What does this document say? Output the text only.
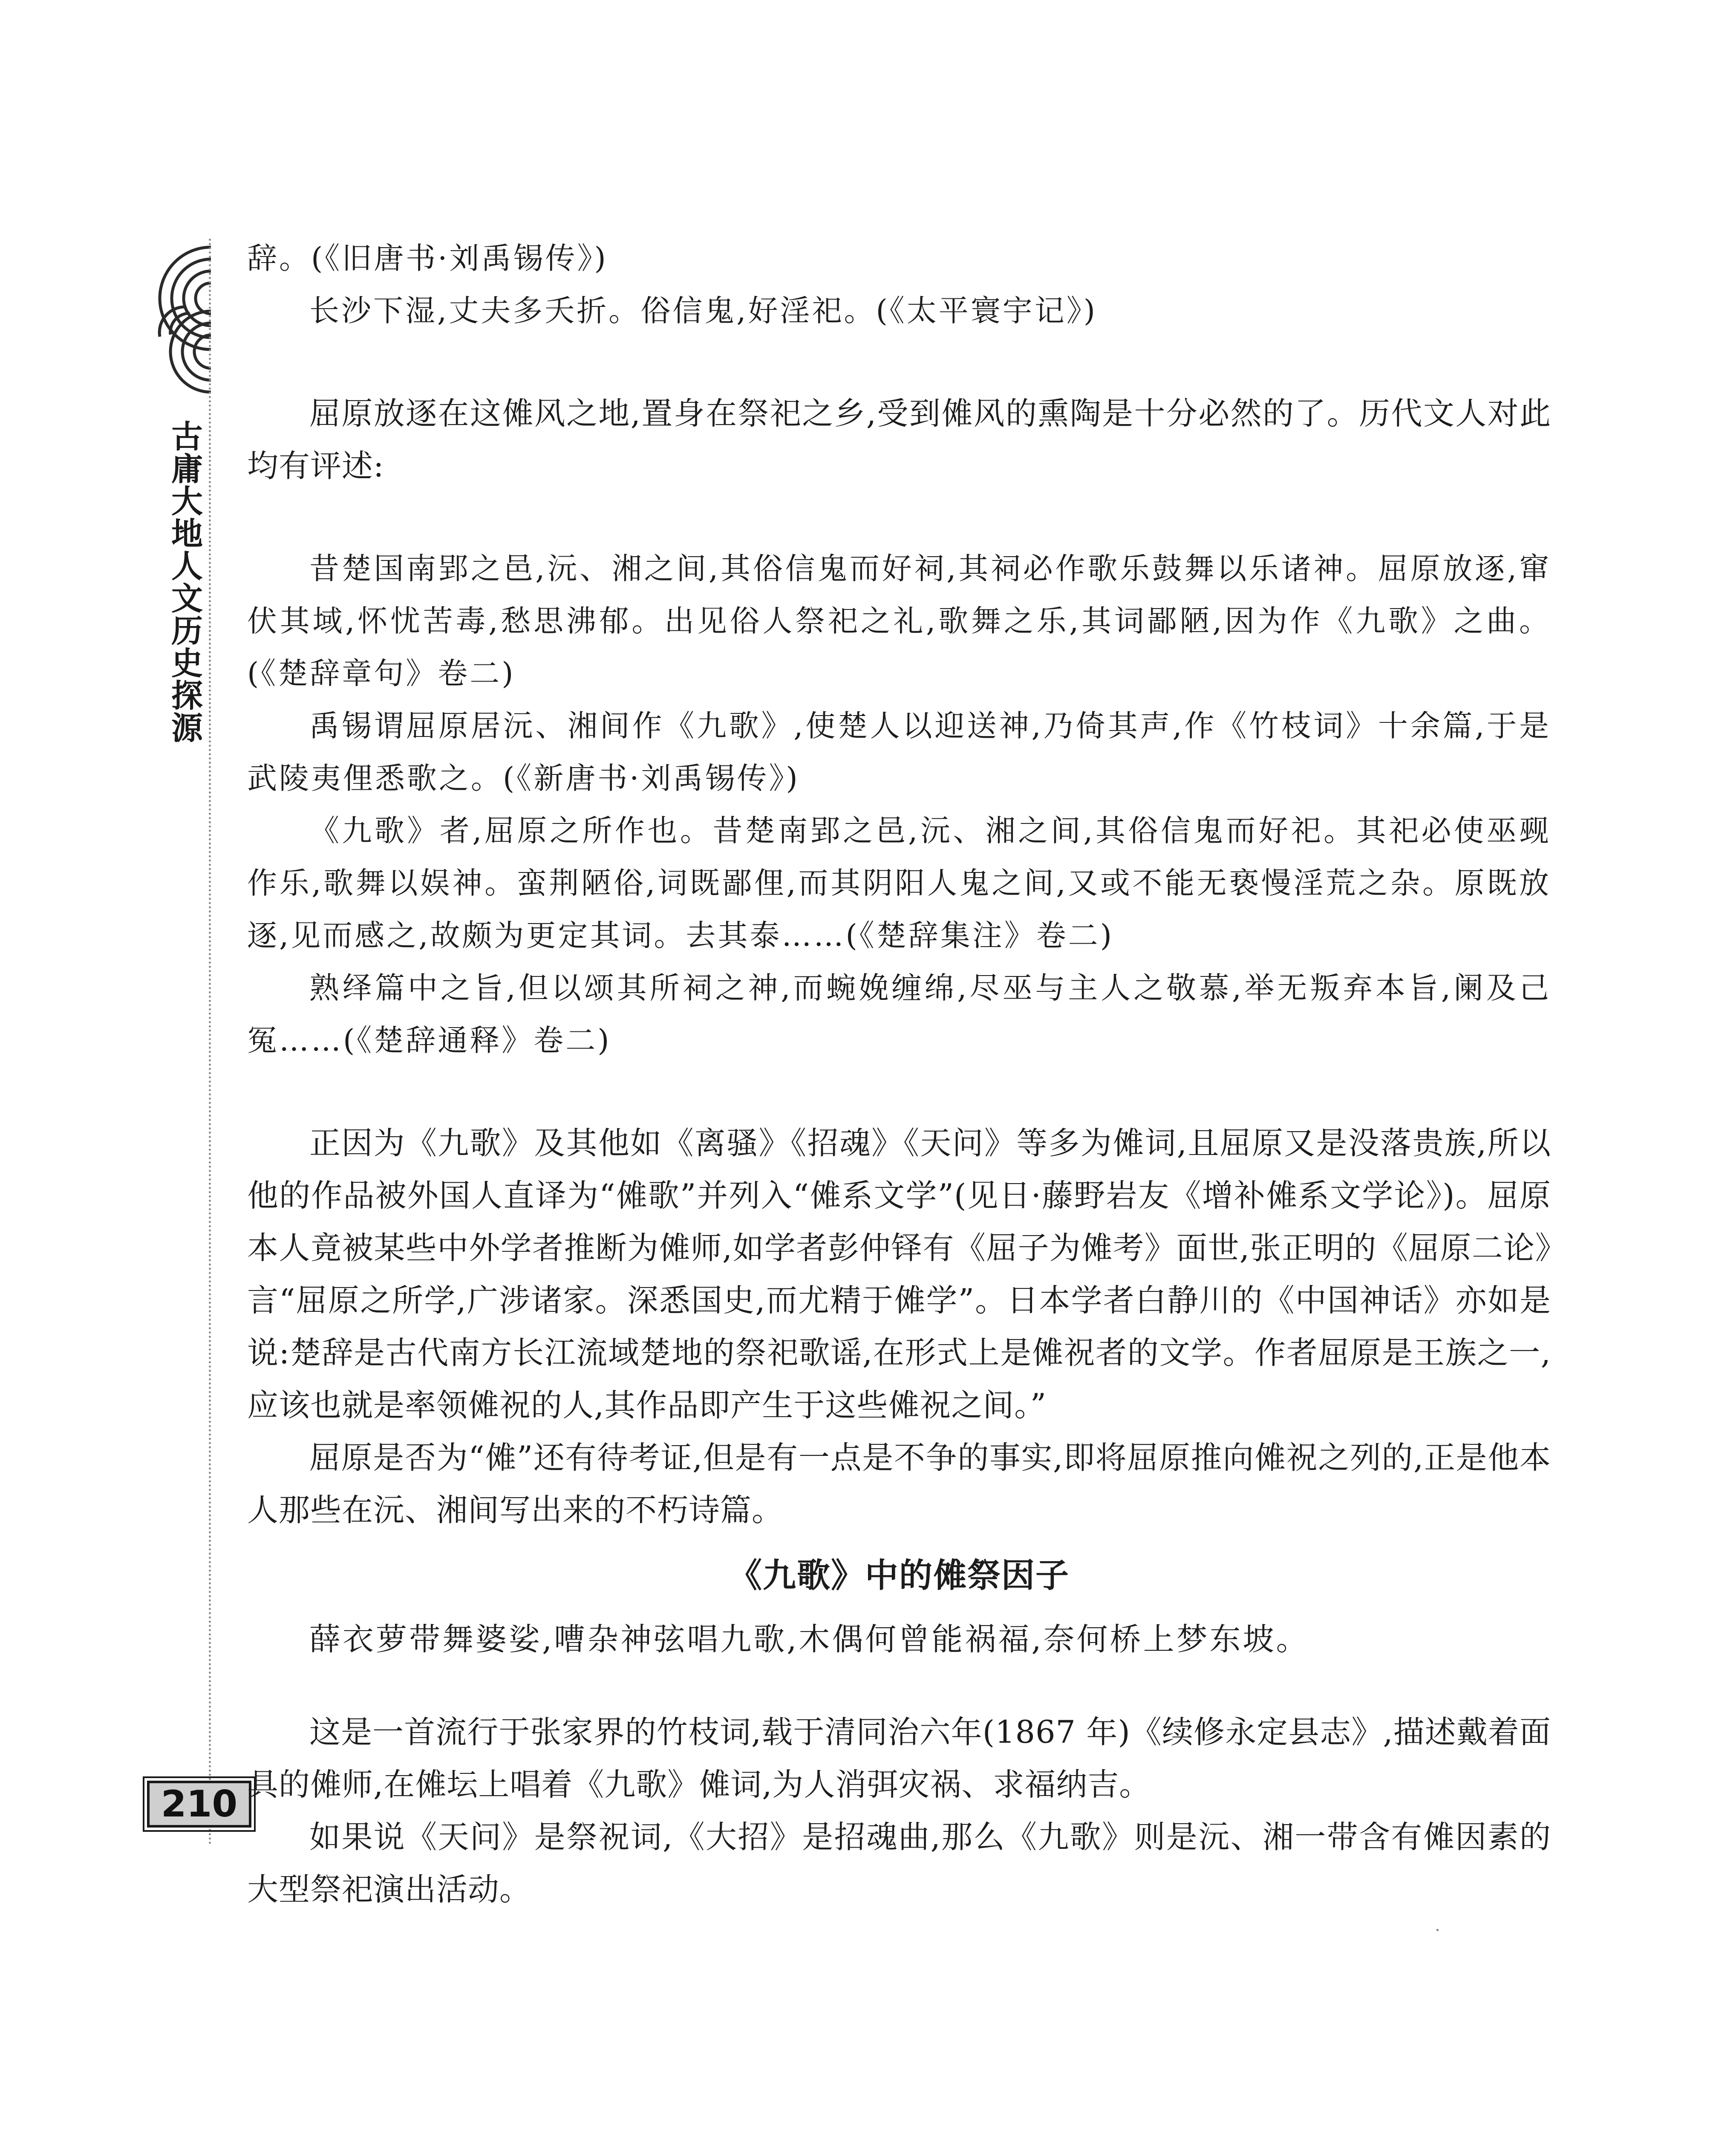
古庸大地人文历史探源
210

辞。(《旧唐书·刘禹锡传》)

长沙下湿,丈夫多夭折。俗信鬼,好淫祀。(《太平寰宇记》)

屈原放逐在这傩风之地,置身在祭祀之乡,受到傩风的熏陶是十分必然的了。历代文人对此均有评述:

昔楚国南郢之邑,沅、湘之间,其俗信鬼而好祠,其祠必作歌乐鼓舞以乐诸神。屈原放逐,窜伏其域,怀忧苦毒,愁思沸郁。出见俗人祭祀之礼,歌舞之乐,其词鄙陋,因为作《九歌》之曲。(《楚辞章句》卷二)

禹锡谓屈原居沅、湘间作《九歌》,使楚人以迎送神,乃倚其声,作《竹枝词》十余篇,于是武陵夷俚悉歌之。(《新唐书·刘禹锡传》)

《九歌》者,屈原之所作也。昔楚南郢之邑,沅、湘之间,其俗信鬼而好祀。其祀必使巫觋作乐,歌舞以娱神。蛮荆陋俗,词既鄙俚,而其阴阳人鬼之间,又或不能无亵慢淫荒之杂。原既放逐,见而感之,故颇为更定其词。去其泰……(《楚辞集注》卷二)

熟绎篇中之旨,但以颂其所祠之神,而蜿娩缠绵,尽巫与主人之敬慕,举无叛弃本旨,阑及己冤……(《楚辞通释》卷二)

正因为《九歌》及其他如《离骚》《招魂》《天问》等多为傩词,且屈原又是没落贵族,所以他的作品被外国人直译为“傩歌”并列入“傩系文学”(见日·藤野岩友《增补傩系文学论》)。屈原本人竟被某些中外学者推断为傩师,如学者彭仲铎有《屈子为傩考》面世,张正明的《屈原二论》言“屈原之所学,广涉诸家。深悉国史,而尤精于傩学”。日本学者白静川的《中国神话》亦如是说:楚辞是古代南方长江流域楚地的祭祀歌谣,在形式上是傩祝者的文学。作者屈原是王族之一,应该也就是率领傩祝的人,其作品即产生于这些傩祝之间。”

屈原是否为“傩”还有待考证,但是有一点是不争的事实,即将屈原推向傩祝之列的,正是他本人那些在沅、湘间写出来的不朽诗篇。

《九歌》中的傩祭因子

薛衣萝带舞婆娑,嘈杂神弦唱九歌,木偶何曾能祸福,奈何桥上梦东坡。

这是一首流行于张家界的竹枝词,载于清同治六年(1867 年)《续修永定县志》,描述戴着面具的傩师,在傩坛上唱着《九歌》傩词,为人消弭灾祸、求福纳吉。

如果说《天问》是祭祝词,《大招》是招魂曲,那么《九歌》则是沅、湘一带含有傩因素的大型祭祀演出活动。
